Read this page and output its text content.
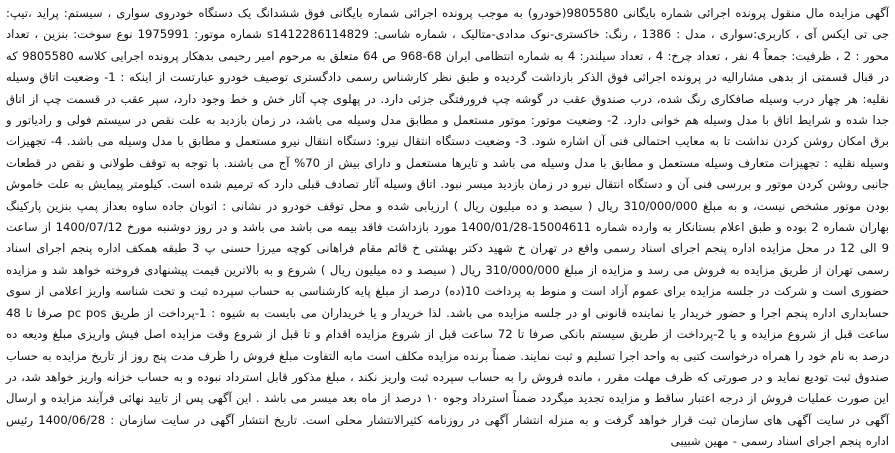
آگهی مزایده مال منقول پرونده اجرائی شماره بایگانی 9805580(خودرو) به موجب پرونده اجرائی شماره بایگانی فوق ششدانگ یک دستگاه خودروی سواری ، سیستم: پراید ،تیپ: جی تی ایکس آی ، کاربری:سواری ، مدل : 1386 ، رنگ: خاکستری-نوک مدادی-متالیک ، شماره شاسی: s1412286114829 شماره موتور: 1975991 نوع سوخت: بنزین ، تعداد محور : 2 ، ظرفیت: جمعاً 4 نفر ، تعداد چرخ: 4 ، تعداد سیلندر: 4 به شماره انتظامی ایران 68-968 ص 64 متعلق به مرحوم امیر رحیمی بدهکار پرونده اجرایی کلاسه 9805580 که در قبال قسمتی از بدهی مشارالیه در پرونده اجرائی فوق الذکر بازداشت گردیده و طبق نظر کارشناس رسمی دادگستری توصیف خودرو عبارتست از اینکه : 1- وضعیت اتاق وسیله نقلیه: هر چهار درب وسیله صافکاری رنگ شده، درب صندوق عقب در گوشه چپ فرورفتگی جزئی دارد. در پهلوی چپ آثار خش و خط وجود دارد، سپر عقب در قسمت چپ از اتاق جدا شده و شرایط اتاق با مدل وسیله هم خوانی دارد. 2- وضعیت موتور: موتور مستعمل و مطابق مدل وسیله می باشد، در زمان بازدید به علت نقص در سیستم فولی و رادیاتور و برق امکان روشن کردن نداشت تا به معایب احتمالی فنی آن اشاره شود. 3- وضعیت دستگاه انتقال نیرو: دستگاه انتقال نیرو مستعمل و مطابق با مدل وسیله می باشد. 4- تجهیزات وسیله نقلیه : تجهیزات متعارف وسیله مستعمل و مطابق با مدل وسیله می باشد و تایرها مستعمل و دارای بیش از 70% آج می باشند. با توجه به توقف طولانی و نقص در قطعات جانبی روشن کردن موتور و بررسی فنی آن و دستگاه انتقال نیرو در زمان بازدید میسر نبود. اتاق وسیله آثار تصادف قبلی دارد که ترمیم شده است. کیلومتر پیمایش به علت خاموش بودن موتور مشخص نیست، و به مبلغ 310/000/000 ریال ( سیصد و ده میلیون ریال ) ارزیابی شده و محل توقف خودرو در نشانی : اتوبان جاده ساوه بعداز پمپ بنزین پارکینگ بهاران شماره 2 بوده و طبق اعلام بستانکار به وارده شماره 15004611-1400/01/28 مورد بازداشت فاقد بیمه می باشد می باشد و در روز دوشنبه مورخ 1400/07/12 از ساعت 9 الی 12 در محل مزایده اداره پنجم اجرای اسناد رسمی واقع در تهران خ شهید دکتر بهشتی خ قائم مقام فراهانی کوچه میرزا حسنی پ 3 طبقه همکف اداره پنجم اجرای اسناد رسمی تهران از طریق مزایده به فروش می رسد و مزایده از مبلغ 310/000/000 ریال ( سیصد و ده میلیون ریال ) شروع و به بالاترین قیمت پیشنهادی فروخته خواهد شد و مزایده حضوری است و شرکت در جلسه مزایده برای عموم آزاد است و منوط به پرداخت 10(ده) درصد از مبلغ پایه کارشناسی به حساب سپرده ثبت و تحت شناسه واریز اعلامی از سوی حسابداری اداره پنجم اجرا و حضور خریدار یا نماینده قانونی او در جلسه مزایده می باشد. لذا خریدار و یا خریداران می بایست به شیوه : 1-پرداخت از طریق pc pos صرفا تا 48 ساعت قبل از شروع مزایده و یا 2-پرداخت از طریق سیستم بانکی صرفا تا 72 ساعت قبل از شروع مزایده اقدام و تا قبل از شروع وقت مزایده اصل فیش واریزی مبلغ ودیعه ده درصد به نام خود را همراه درخواست کتبی به واحد اجرا تسلیم و ثبت نمایند. ضمناً برنده مزایده مکلف است مابه التفاوت مبلغ فروش را ظرف مدت پنج روز از تاریخ مزایده به حساب صندوق ثبت تودیع نماید و در صورتی که ظرف مهلت مقرر ، مانده فروش را به حساب سپرده ثبت واریز نکند ، مبلغ مذکور قابل استرداد نبوده و به حساب خزانه واریز خواهد شد، در این صورت عملیات فروش از درجه اعتبار ساقط و مزایده تجدید میگردد ضمناً استرداد وجوه ۱۰ درصد از ماه بعد میسر می باشد . این آگهی پس از تایید نهائی فرآیند مزایده و ارسال آگهی در سایت آگهی های سازمان ثبت قرار خواهد گرفت و به منزله انتشار آگهی در روزنامه کثیرالانتشار محلی است. تاریخ انتشار آگهی در سایت سازمان : 1400/06/28 رئیس اداره پنجم اجرای اسناد رسمی - مهین شبیبی
